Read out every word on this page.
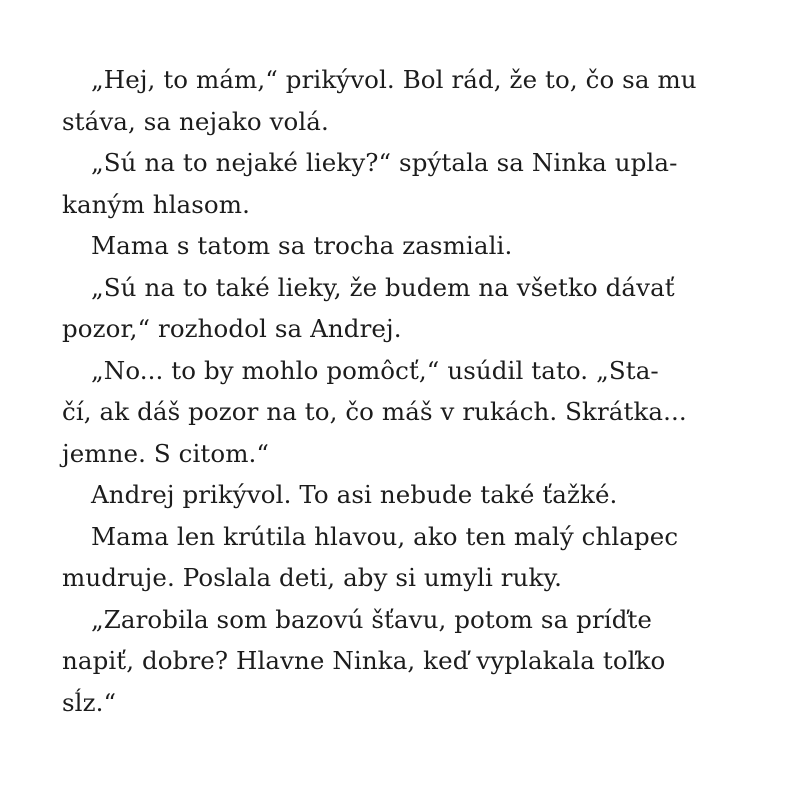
„Hej, to mám,“ prikývol. Bol rád, že to, čo sa mu
stáva, sa nejako volá.
„Sú na to nejaké lieky?“ spýtala sa Ninka upla-
kaným hlasom.
Mama s tatom sa trocha zasmiali.
„Sú na to také lieky, že budem na všetko dávať
pozor,“ rozhodol sa Andrej.
„No... to by mohlo pomôcť,“ usúdil tato. „Sta-
čí, ak dáš pozor na to, čo máš v rukách. Skrátka...
jemne. S citom.“
Andrej prikývol. To asi nebude také ťažké.
Mama len krútila hlavou, ako ten malý chlapec
mudruje. Poslala deti, aby si umyli ruky.
„Zarobila som bazovú šťavu, potom sa príďte
napiť, dobre? Hlavne Ninka, keď vyplakala toľko
sĺz.“
